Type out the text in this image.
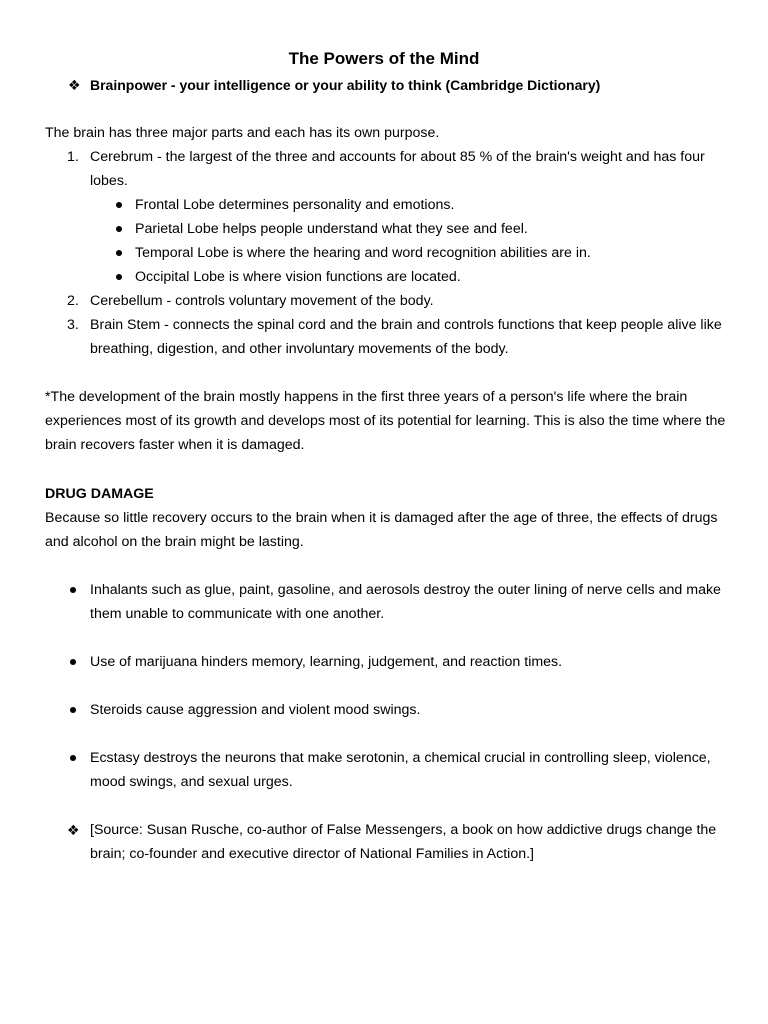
The Powers of the Mind
❖ Brainpower - your intelligence or your ability to think (Cambridge Dictionary)
The brain has three major parts and each has its own purpose.
1. Cerebrum - the largest of the three and accounts for about 85 % of the brain's weight and has four lobes.
Frontal Lobe determines personality and emotions.
Parietal Lobe helps people understand what they see and feel.
Temporal Lobe is where the hearing and word recognition abilities are in.
Occipital Lobe is where vision functions are located.
2. Cerebellum - controls voluntary movement of the body.
3. Brain Stem - connects the spinal cord and the brain and controls functions that keep people alive like breathing, digestion, and other involuntary movements of the body.
*The development of the brain mostly happens in the first three years of a person's life where the brain experiences most of its growth and develops most of its potential for learning. This is also the time where the brain recovers faster when it is damaged.
DRUG DAMAGE
Because so little recovery occurs to the brain when it is damaged after the age of three, the effects of drugs and alcohol on the brain might be lasting.
Inhalants such as glue, paint, gasoline, and aerosols destroy the outer lining of nerve cells and make them unable to communicate with one another.
Use of marijuana hinders memory, learning, judgement, and reaction times.
Steroids cause aggression and violent mood swings.
Ecstasy destroys the neurons that make serotonin, a chemical crucial in controlling sleep, violence, mood swings, and sexual urges.
❖ [Source: Susan Rusche, co-author of False Messengers, a book on how addictive drugs change the brain; co-founder and executive director of National Families in Action.]
